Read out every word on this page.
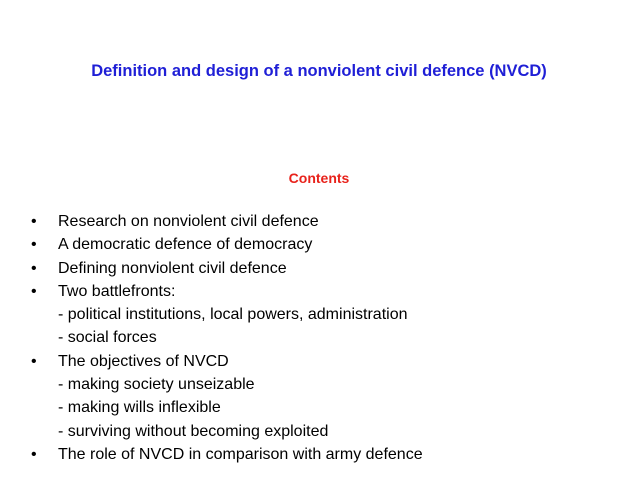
Definition and design of a nonviolent civil defence (NVCD)
Contents
• Research on nonviolent civil defence
• A democratic defence of democracy
• Defining nonviolent civil defence
• Two battlefronts:
- political institutions, local powers, administration
- social forces
• The objectives of NVCD
- making society unseizable
- making wills inflexible
- surviving without becoming exploited
• The role of NVCD in comparison with army defence
